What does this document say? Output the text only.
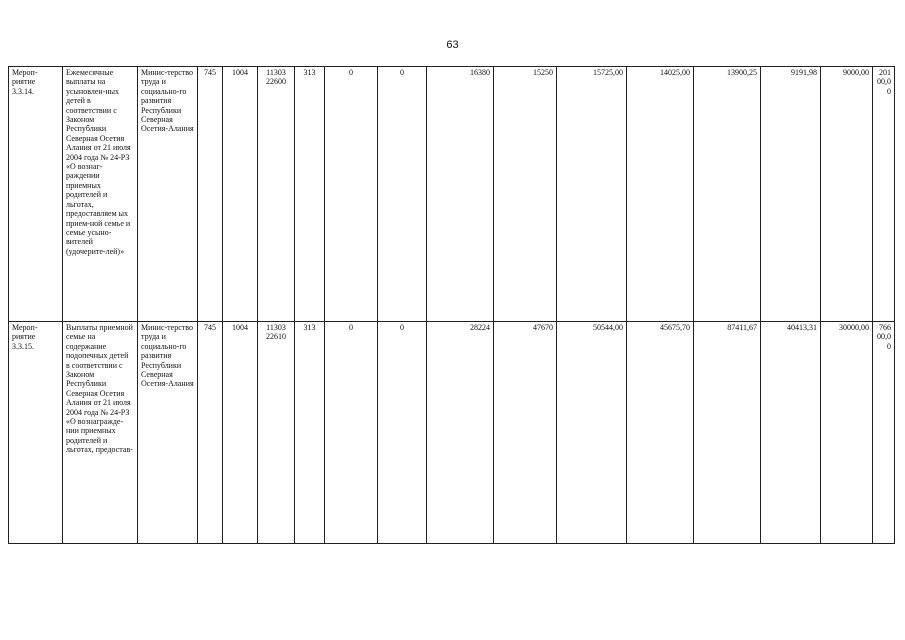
63
Мероп-риятие 3.3.14.	Ежемесячные выплаты на усыновлен-ных детей в соответствии с Законом Республики Северная Осетия Алания от 21 июля 2004 года № 24-РЗ «О вознаг-раждении приемных родителей и льготах, предоставляем ых прием-ной семье и семье усыно-вителей (удочерите-лей)»	Минис-терство труда и социально-го развития Республики Северная Осетия-Алания	745	1004	11303 22600	313	0	0	16380	15250	15725,00	14025,00	13900,25	9191,98	9000,00	20100,00
Мероп-риятие 3.3.15.	Выплаты приемной семье на содержание подопечных детей в соответствии с Законом Республики Северная Осетия Алания от 21 июля 2004 года № 24-РЗ «О вознагражде-нии приемных родителей и льготах, предостав-	Минис-терство труда и социально-го развития Республики Северная Осетия-Алания	745	1004	11303 22610	313	0	0	28224	47670	50544,00	45675,70	87411,67	40413,31	30000,00	76600,00
